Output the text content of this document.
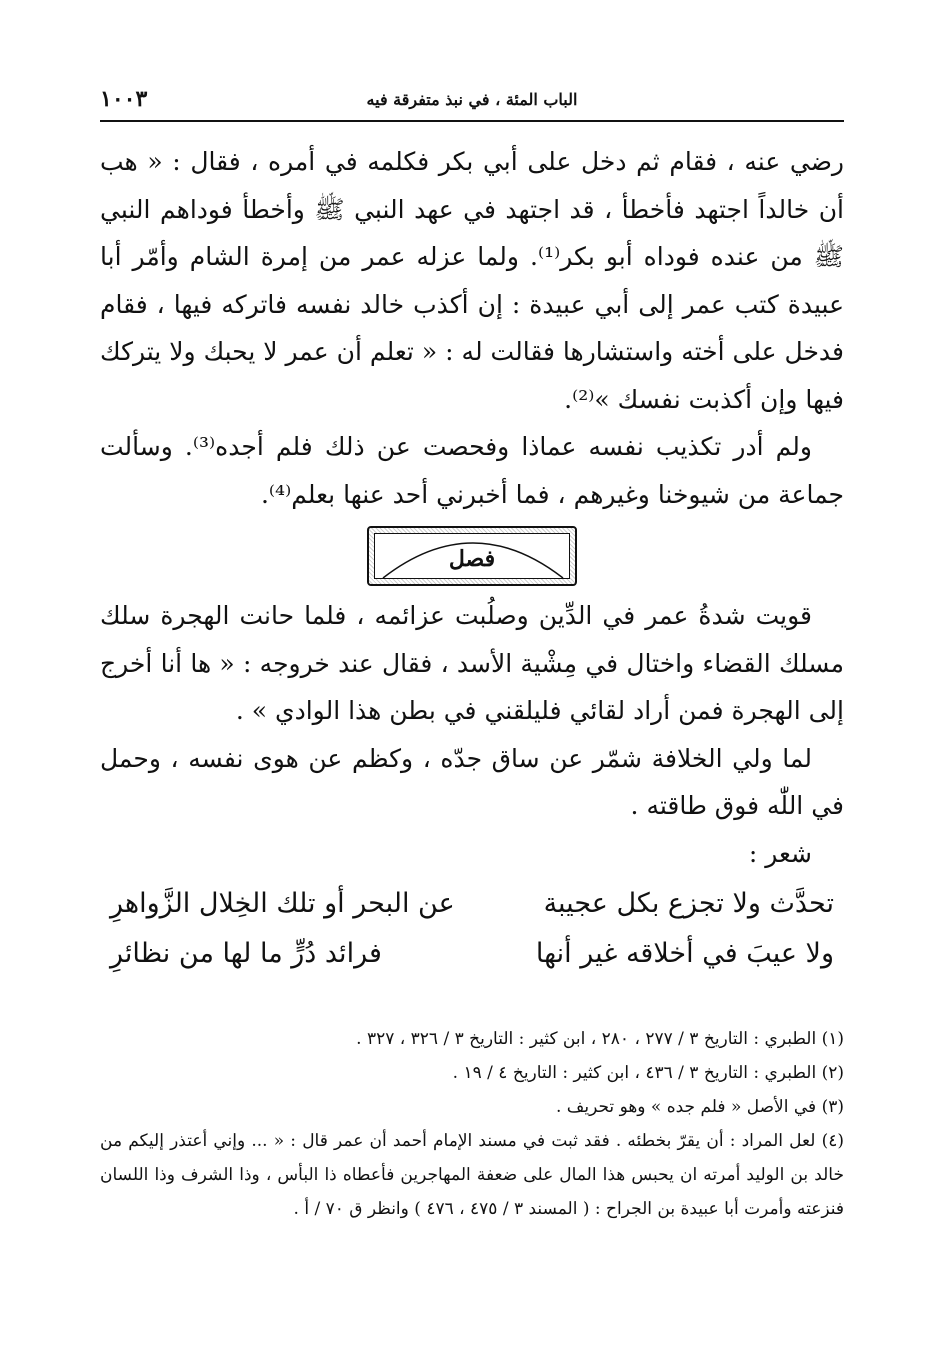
١٠٠٣	الباب المئة ، في نبذ متفرقة فيه

رضي عنه ، فقام ثم دخل على أبي بكر فكلمه في أمره ، فقال : « هب أن خالداً اجتهد فأخطأ ، قد اجتهد في عهد النبي ﷺ وأخطأ فوداهم النبي ﷺ من عنده فوداه أبو بكر⁽¹⁾. ولما عزله عمر من إمرة الشام وأمّر أبا عبيدة كتب عمر إلى أبي عبيدة : إن أكذب خالد نفسه فاتركه فيها ، فقام فدخل على أخته واستشارها فقالت له : « تعلم أن عمر لا يحبك ولا يتركك فيها وإن أكذبت نفسك »⁽²⁾.

ولم أدر تكذيب نفسه عماذا وفحصت عن ذلك فلم أجده⁽³⁾. وسألت جماعة من شيوخنا وغيرهم ، فما أخبرني أحد عنها بعلم⁽⁴⁾.

فصل

قويت شدةُ عمر في الدِّين وصلُبت عزائمه ، فلما حانت الهجرة سلك مسلك القضاء واختال في مِشْية الأسد ، فقال عند خروجه : « ها أنا أخرج إلى الهجرة فمن أراد لقائي فليلقني في بطن هذا الوادي » .

لما ولي الخلافة شمّر عن ساق جدّه ، وكظم عن هوى نفسه ، وحمل في اللّٰه فوق طاقته .

شعر :

تحدَّث ولا تجزع بكل عجيبة
عن البحر أو تلك الخِلال الزَّواهرِ
ولا عيبَ في أخلاقه غير أنها
فرائد دُرٍّ ما لها من نظائرِ

(١) الطبري : التاريخ ٣ / ٢٧٧ ، ٢٨٠ ، ابن كثير : التاريخ ٣ / ٣٢٦ ، ٣٢٧ .

(٢) الطبري : التاريخ ٣ / ٤٣٦ ، ابن كثير : التاريخ ٤ / ١٩ .

(٣) في الأصل « فلم جده » وهو تحريف .

(٤) لعل المراد : أن يقرّ بخطئه . فقد ثبت في مسند الإمام أحمد أن عمر قال : « ... وإني أعتذر إليكم من خالد بن الوليد أمرته ان يحبس هذا المال على ضعفة المهاجرين فأعطاه ذا البأس ، وذا الشرف وذا اللسان فنزعته وأمرت أبا عبيدة بن الجراح : ( المسند ٣ / ٤٧٥ ، ٤٧٦ ) وانظر ق ٧٠ / أ .
